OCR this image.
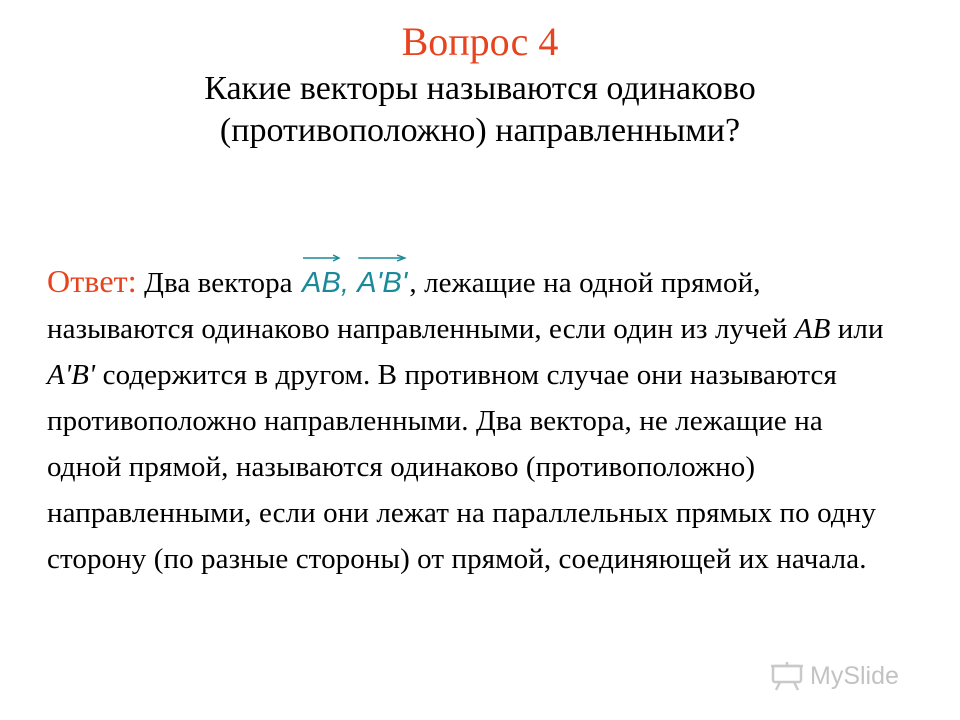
Вопрос 4
Какие векторы называются одинаково (противоположно) направленными?
Ответ: Два вектора AB, A'B', лежащие на одной прямой, называются одинаково направленными, если один из лучей AB или A'B' содержится в другом. В противном случае они называются противоположно направленными. Два вектора, не лежащие на одной прямой, называются одинаково (противоположно) направленными, если они лежат на параллельных прямых по одну сторону (по разные стороны) от прямой, соединяющей их начала.
MySlide
